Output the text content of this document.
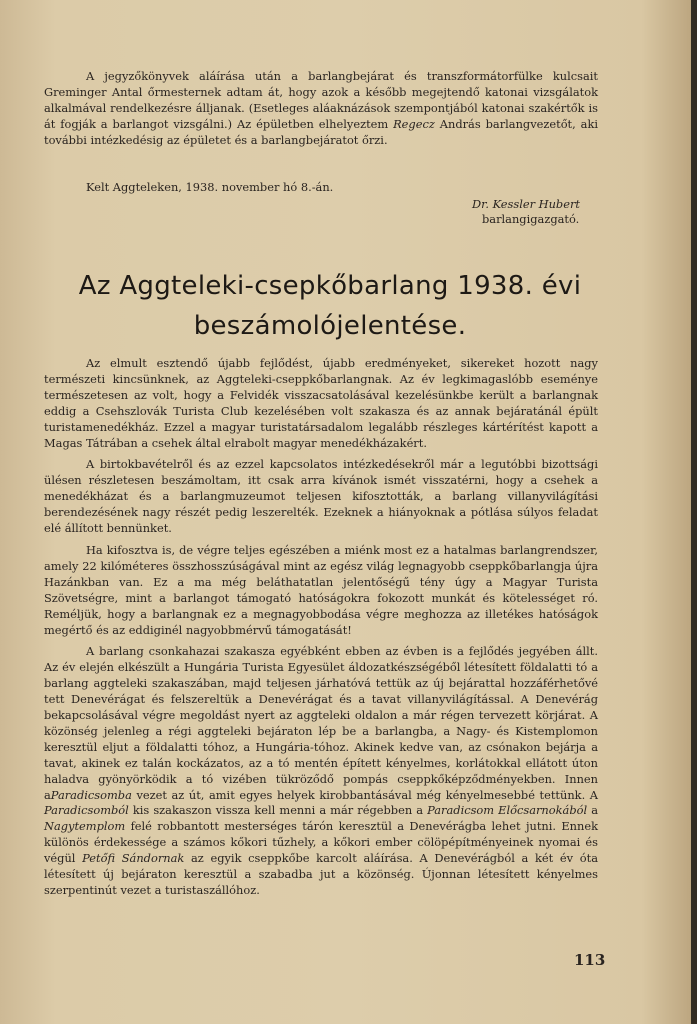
A jegyzőkönyvek aláírása után a barlangbejárat és transzformátorfülke kulcsait Greminger Antal őrmesternek adtam át, hogy azok a később megejtendő katonai vizsgálatok alkalmával rendelkezésre álljanak. (Esetleges aláaknázások szempontjából katonai szakértők is át fogják a barlangot vizsgálni.) Az épületben elhelyeztem Regecz András barlangvezetőt, aki további intézkedésig az épületet és a barlangbejáratot őrzi.

Kelt Aggteleken, 1938. november hó 8.-án.
Dr. Kessler Hubert
barlangigazgató.
Az Aggteleki-csepkőbarlang 1938. évi
beszámolójelentése.

Az elmult esztendő újabb fejlődést, újabb eredményeket, sikereket hozott nagy természeti kincsünknek, az Aggteleki-cseppkőbarlangnak. Az év legkimagaslóbb eseménye természetesen az volt, hogy a Felvidék visszacsatolásával kezelésünkbe került a barlangnak eddig a Csehszlovák Turista Club kezelésében volt szakasza és az annak bejáratánál épült turistamenedékház. Ezzel a magyar turistatársadalom legalább részleges kártérítést kapott a Magas Tátrában a csehek által elrabolt magyar menedékházakért.

A birtokbavételről és az ezzel kapcsolatos intézkedésekről már a legutóbbi bizottsági ülésen részletesen beszámoltam, itt csak arra kívánok ismét visszatérni, hogy a csehek a menedékházat és a barlangmuzeumot teljesen kifosztották, a barlang villanyvilágítási berendezésének nagy részét pedig leszerelték. Ezeknek a hiányoknak a pótlása súlyos feladat elé állított bennünket.

Ha kifosztva is, de végre teljes egészében a miénk most ez a hatalmas barlangrendszer, amely 22 kilóméteres összhosszúságával mint az egész világ legnagyobb cseppkőbarlangja újra Hazánkban van. Ez a ma még beláthatatlan jelentőségű tény úgy a Magyar Turista Szövetségre, mint a barlangot támogató hatóságokra fokozott munkát és kötelességet ró. Reméljük, hogy a barlangnak ez a megnagyobbodása végre meghozza az illetékes hatóságok megértő és az eddiginél nagyobbmérvű támogatását!

A barlang csonkahazai szakasza egyébként ebben az évben is a fejlődés jegyében állt. Az év elején elkészült a Hungária Turista Egyesület áldozatkészségéből létesített földalatti tó a barlang aggteleki szakaszában, majd teljesen járhatóvá tettük az új bejárattal hozzáférhetővé tett Denevérágat és felszereltük a Denevérágat és a tavat villanyvilágítással. A Denevérág bekapcsolásával végre megoldást nyert az aggteleki oldalon a már régen tervezett körjárat. A közönség jelenleg a régi aggteleki bejáraton lép be a barlangba, a Nagy- és Kistemplomon keresztül eljut a földalatti tóhoz, a Hungária-tóhoz. Akinek kedve van, az csónakon bejárja a tavat, akinek ez talán kockázatos, az a tó mentén épített kényelmes, korlátokkal ellátott úton haladva gyönyörködik a tó vizében tükröződő pompás cseppkőképződményekben. Innen aParadicsomba vezet az út, amit egyes helyek kirobbantásával még kényelmesebbé tettünk. A Paradicsomból kis szakaszon vissza kell menni a már régebben a Paradicsom Előcsarnokából a Nagytemplom felé robbantott mesterséges tárón keresztül a Denevérágba lehet jutni. Ennek különös érdekessége a számos kőkori tűzhely, a kőkori ember cölöpépítményeinek nyomai és végül Petőfi Sándornak az egyik cseppkőbe karcolt aláírása. A Denevérágból a két év óta létesített új bejáraton keresztül a szabadba jut a közönség. Újonnan létesített kényelmes szerpentinút vezet a turistaszállóhoz.

113
